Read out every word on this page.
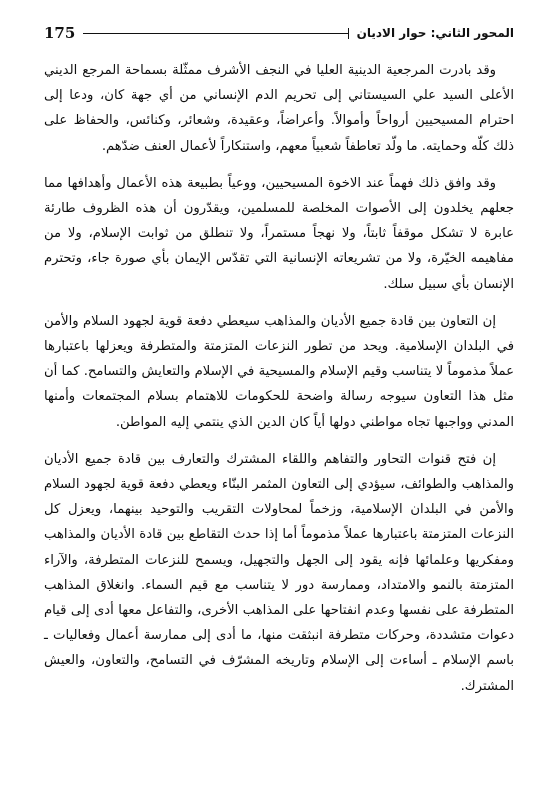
175	المحور الثاني: حوار الاديان

وقد بادرت المرجعية الدينية العليا في النجف الأشرف ممثّلة بسماحة المرجع الديني الأعلى السيد علي السيستاني إلى تحريم الدم الإنساني من أي جهة كان، ودعا إلى احترام المسيحيين أرواحاً وأموالاً. وأعراضاً، وعقيدة، وشعائر، وكنائس، والحفاظ على ذلك كلّه وحمايته. ما ولّد تعاطفاً شعبياً معهم، واستنكاراً لأعمال العنف ضدّهم.

وقد وافق ذلك فهماً عند الاخوة المسيحيين، ووعياً بطبيعة هذه الأعمال وأهدافها مما جعلهم يخلدون إلى الأصوات المخلصة للمسلمين، ويقدّرون أن هذه الظروف طارئة عابرة لا تشكل موقفاً ثابتاً، ولا نهجاً مستمراً، ولا تنطلق من ثوابت الإسلام، ولا من مفاهيمه الخيّرة، ولا من تشريعاته الإنسانية التي تقدّس الإيمان بأي صورة جاء، وتحترم الإنسان بأي سبيل سلك.

إن التعاون بين قادة جميع الأديان والمذاهب سيعطي دفعة قوية لجهود السلام والأمن في البلدان الإسلامية. ويحد من تطور النزعات المتزمتة والمتطرفة ويعزلها باعتبارها عملاً مذموماً لا يتناسب وقيم الإسلام والمسيحية في الإسلام والتعايش والتسامح. كما أن مثل هذا التعاون سيوجه رسالة واضحة للحكومات للاهتمام بسلام المجتمعات وأمنها المدني وواجبها تجاه مواطني دولها أياً كان الدين الذي ينتمي إليه المواطن.

إن فتح قنوات التحاور والتفاهم واللقاء المشترك والتعارف بين قادة جميع الأديان والمذاهب والطوائف، سيؤدي إلى التعاون المثمر البنّاء ويعطي دفعة قوية لجهود السلام والأمن في البلدان الإسلامية، وزخماً لمحاولات التقريب والتوحيد بينهما، ويعزل كل النزعات المتزمتة باعتبارها عملاً مذموماً أما إذا حدث التقاطع بين قادة الأديان والمذاهب ومفكريها وعلمائها فإنه يقود إلى الجهل والتجهيل، ويسمح للنزعات المتطرفة، والآراء المتزمتة بالنمو والامتداد، وممارسة دور لا يتناسب مع قيم السماء. وانغلاق المذاهب المتطرفة على نفسها وعدم انفتاحها على المذاهب الأخرى، والتفاعل معها أدى إلى قيام دعوات متشددة، وحركات متطرفة انبثقت منها، ما أدى إلى ممارسة أعمال وفعاليات ـ باسم الإسلام ـ أساءت إلى الإسلام وتاريخه المشرّف في التسامح، والتعاون، والعيش المشترك.
